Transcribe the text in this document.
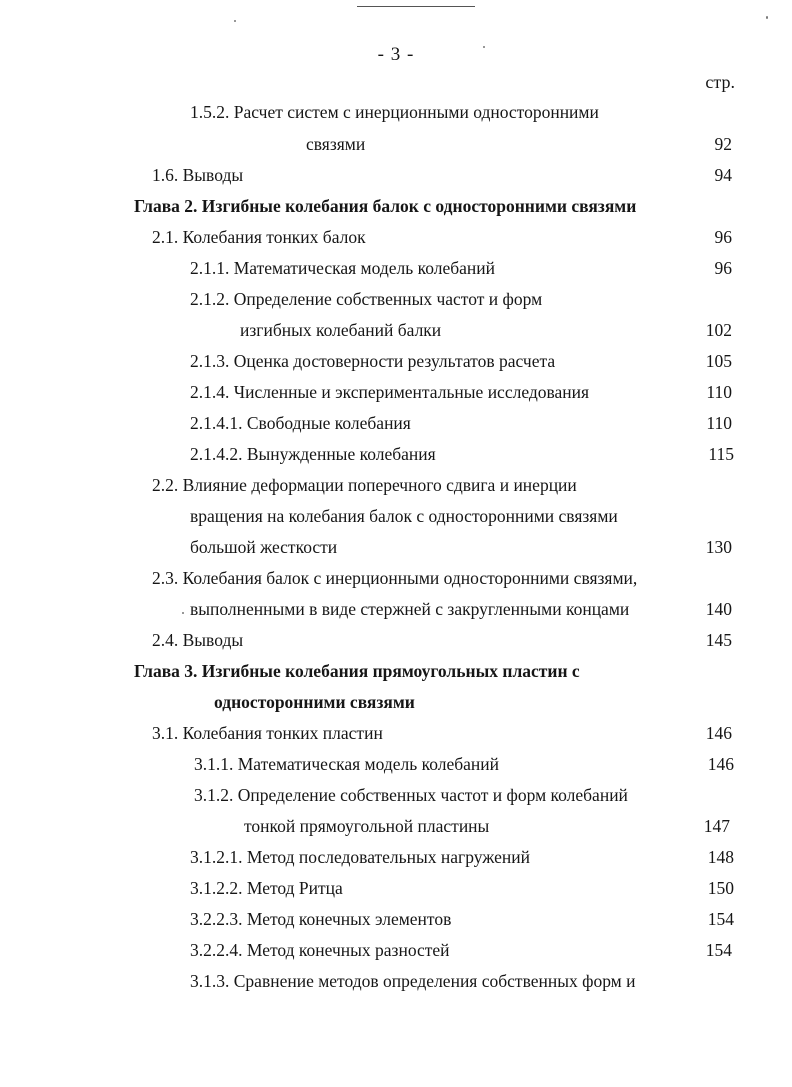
- 3 -
стр.
1.5.2. Расчет систем с инерционными односторонними
связями	92
1.6. Выводы	94
Глава 2. Изгибные колебания балок с односторонними связями
2.1. Колебания тонких балок	96
2.1.1. Математическая модель колебаний	96
2.1.2. Определение собственных частот и форм
изгибных колебаний балки	102
2.1.3. Оценка достоверности результатов расчета	105
2.1.4. Численные и экспериментальные исследования	110
2.1.4.1. Свободные колебания	110
2.1.4.2. Вынужденные колебания	115
2.2. Влияние деформации поперечного сдвига и инерции
вращения на колебания балок с односторонними связями
большой жесткости	130
2.3. Колебания балок с инерционными односторонними связями,
выполненными в виде стержней с закругленными концами	140
2.4. Выводы	145
Глава 3. Изгибные колебания прямоугольных пластин с
односторонними связями
3.1. Колебания тонких пластин	146
3.1.1. Математическая модель колебаний	146
3.1.2. Определение собственных частот и форм колебаний
тонкой прямоугольной пластины	147
3.1.2.1. Метод последовательных нагружений	148
3.1.2.2. Метод Ритца	150
3.2.2.3. Метод конечных элементов	154
3.2.2.4. Метод конечных разностей	154
3.1.3. Сравнение методов определения собственных форм и
